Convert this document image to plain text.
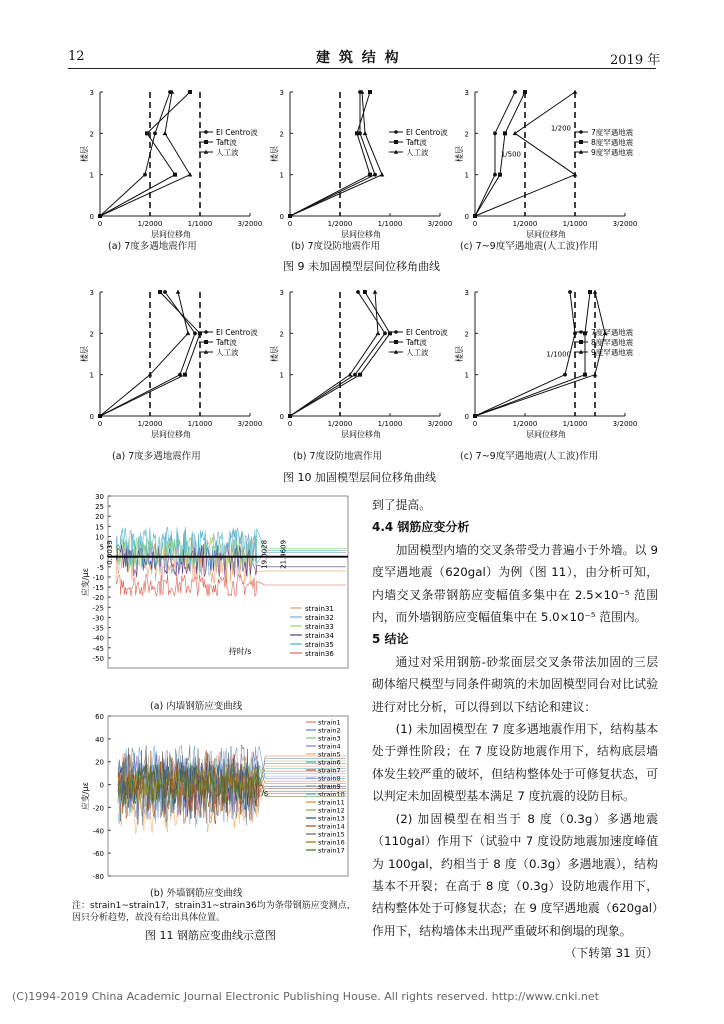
12	建 筑 结 构	2019 年
0
1
2
3
0	1/2000	1/1000	3/2000
层间位移角
楼层
El Centro波
Taft波
人工波
0
1
2
3
0	1/2000	1/1000	3/2000
层间位移角
楼层
El Centro波
Taft波
人工波
0
1
2
3
0	1/2000	1/1000	3/2000
层间位移角
楼层	1/500
1/200	7度罕遇地震
8度罕遇地震
9度罕遇地震
(a) 7度多遇地震作用	(b) 7度设防地震作用	(c) 7~9度罕遇地震(人工波)作用
图 9 未加固模型层间位移角曲线
0
1
2
3
0	1/2000	1/1000	3/2000
层间位移角
楼层
El Centro波
Taft波
人工波
0
1
2
3
0	1/2000	1/1000	3/2000
层间位移角
楼层
El Centro波
Taft波
人工波
0
1
2
3
0	1/2000	1/1000	3/2000
层间位移角
楼层	1/1000
7度罕遇地震
8度罕遇地震
9度罕遇地震
(a) 7度多遇地震作用	(b) 7度设防地震作用	(c) 7~9度罕遇地震(人工波)作用
图 10 加固模型层间位移角曲线
-50
-45
-40
-35
-30
-25
-20
-15
-10
-5
0
5
10
15
20
25
30
应变/με
持时/s
strain31
strain32
strain33
strain34
strain35
strain36
0.0039	19.0028 21.4609
(a) 内墙钢筋应变曲线
-80
-60
-40
-20
0
20
40
60
应变/με	持时/s
strain1
strain2
strain3
strain4
strain5
strain6
strain7
strain8
strain9
strain10
strain11
strain12
strain13
strain14
strain15
strain16
strain17
(b) 外墙钢筋应变曲线
注：strain1~strain17，strain31~strain36均为条带钢筋应变测点，
因只分析趋势，故没有给出具体位置。
图 11 钢筋应变曲线示意图

到了提高。

4.4 钢筋应变分析

加固模型内墙的交叉条带受力普遍小于外墙。以 9 度罕遇地震（620gal）为例（图 11），由分析可知，内墙交叉条带钢筋应变幅值多集中在 2.5×10⁻⁵ 范围内，而外墙钢筋应变幅值集中在 5.0×10⁻⁵ 范围内。

5 结论

通过对采用钢筋-砂浆面层交叉条带法加固的三层砌体缩尺模型与同条件砌筑的未加固模型同台对比试验进行对比分析，可以得到以下结论和建议：

(1) 未加固模型在 7 度多遇地震作用下，结构基本处于弹性阶段；在 7 度设防地震作用下，结构底层墙体发生较严重的破坏，但结构整体处于可修复状态，可以判定未加固模型基本满足 7 度抗震的设防目标。

(2) 加固模型在相当于 8 度（0.3g）多遇地震（110gal）作用下（试验中 7 度设防地震加速度峰值为 100gal，约相当于 8 度（0.3g）多遇地震），结构基本不开裂；在高于 8 度（0.3g）设防地震作用下，结构整体处于可修复状态；在 9 度罕遇地震（620gal）作用下，结构墙体未出现严重破坏和倒塌的现象。

（下转第 31 页）

(C)1994-2019 China Academic Journal Electronic Publishing House. All rights reserved. http://www.cnki.net
